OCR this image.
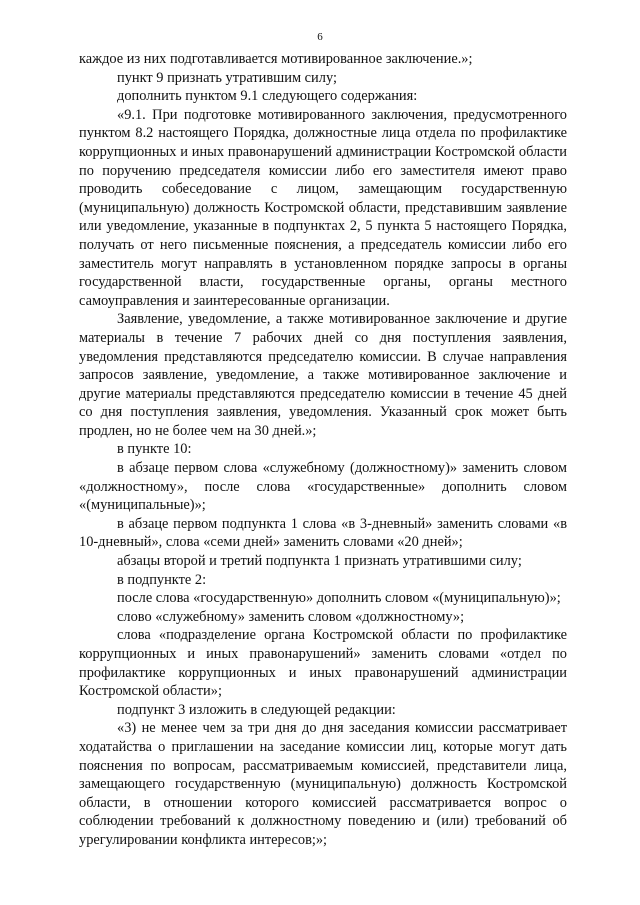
6

каждое из них подготавливается мотивированное заключение.»;

пункт 9 признать утратившим силу;

дополнить пунктом 9.1 следующего содержания:

«9.1. При подготовке мотивированного заключения, предусмотренного пунктом 8.2 настоящего Порядка, должностные лица отдела по профилактике коррупционных и иных правонарушений администрации Костромской области по поручению председателя комиссии либо его заместителя имеют право проводить собеседование с лицом, замещающим государственную (муниципальную) должность Костромской области, представившим заявление или уведомление, указанные в подпунктах 2, 5 пункта 5 настоящего Порядка, получать от него письменные пояснения, а председатель комиссии либо его заместитель могут направлять в установленном порядке запросы в органы государственной власти, государственные органы, органы местного самоуправления и заинтересованные организации.

Заявление, уведомление, а также мотивированное заключение и другие материалы в течение 7 рабочих дней со дня поступления заявления, уведомления представляются председателю комиссии. В случае направления запросов заявление, уведомление, а также мотивированное заключение и другие материалы представляются председателю комиссии в течение 45 дней со дня поступления заявления, уведомления. Указанный срок может быть продлен, но не более чем на 30 дней.»;

в пункте 10:

в абзаце первом слова «служебному (должностному)» заменить словом «должностному», после слова «государственные» дополнить словом «(муниципальные)»;

в абзаце первом подпункта 1 слова «в 3-дневный» заменить словами «в 10-дневный», слова «семи дней» заменить словами «20 дней»;

абзацы второй и третий подпункта 1 признать утратившими силу;

в подпункте 2:

после слова «государственную» дополнить словом «(муниципальную)»;

слово «служебному» заменить словом «должностному»;

слова «подразделение органа Костромской области по профилактике коррупционных и иных правонарушений» заменить словами «отдел по профилактике коррупционных и иных правонарушений администрации Костромской области»;

подпункт 3 изложить в следующей редакции:

«3) не менее чем за три дня до дня заседания комиссии рассматривает ходатайства о приглашении на заседание комиссии лиц, которые могут дать пояснения по вопросам, рассматриваемым комиссией, представители лица, замещающего государственную (муниципальную) должность Костромской области, в отношении которого комиссией рассматривается вопрос о соблюдении требований к должностному поведению и (или) требований об урегулировании конфликта интересов;»;
